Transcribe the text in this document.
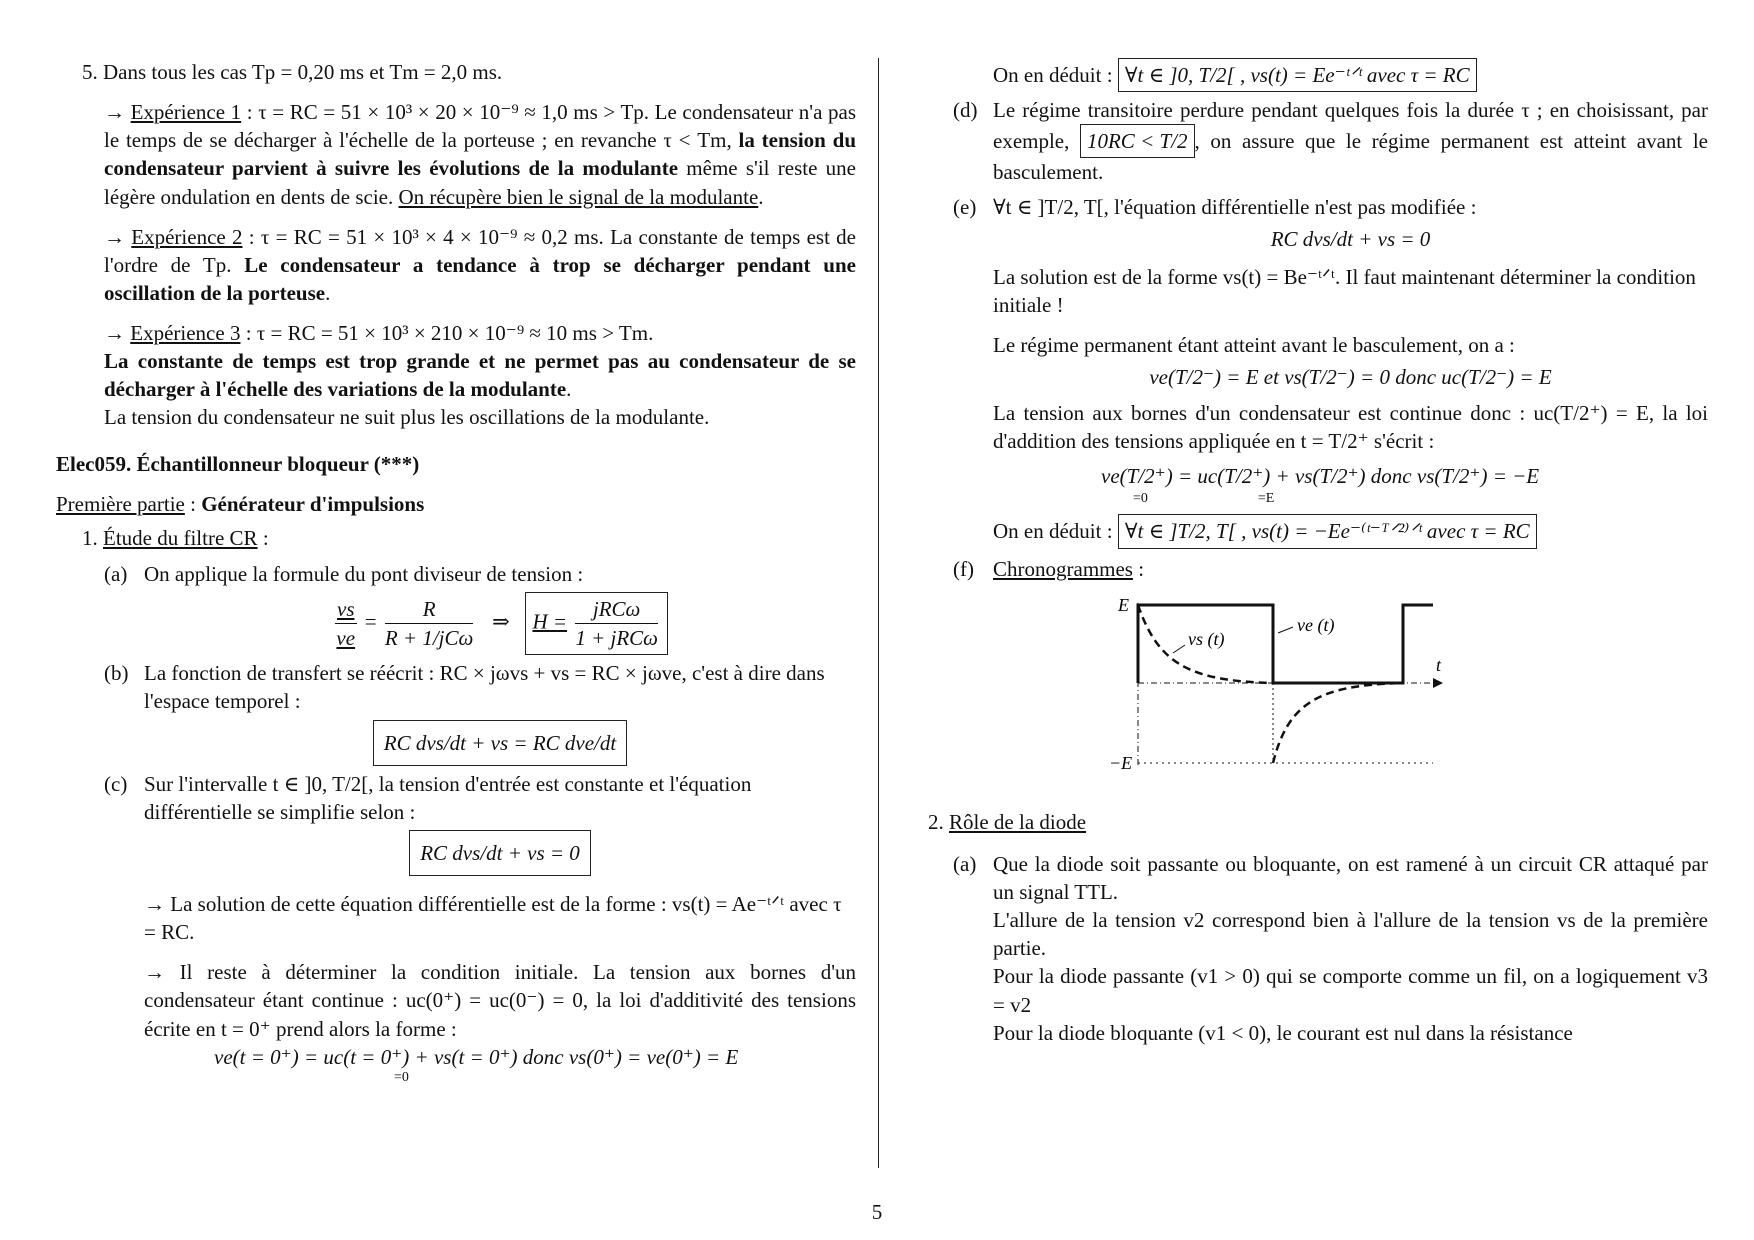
5. Dans tous les cas Tp = 0,20 ms et Tm = 2,0 ms.

→ Expérience 1 : τ = RC = 51 × 10³ × 20 × 10⁻⁹ ≈ 1,0 ms > Tp. Le condensateur n'a pas le temps de se décharger à l'échelle de la porteuse ; en revanche τ < Tm, la tension du condensateur parvient à suivre les évolutions de la modulante même s'il reste une légère ondulation en dents de scie. On récupère bien le signal de la modulante.

→ Expérience 2 : τ = RC = 51 × 10³ × 4 × 10⁻⁹ ≈ 0,2 ms. La constante de temps est de l'ordre de Tp. Le condensateur a tendance à trop se décharger pendant une oscillation de la porteuse.

→ Expérience 3 : τ = RC = 51 × 10³ × 210 × 10⁻⁹ ≈ 10 ms > Tm.
La constante de temps est trop grande et ne permet pas au condensateur de se décharger à l'échelle des variations de la modulante.
La tension du condensateur ne suit plus les oscillations de la modulante.

Elec059. Échantillonneur bloqueur (***)

Première partie : Générateur d'impulsions

1. Étude du filtre CR :

(a) On applique la formule du pont diviseur de tension :

$\frac{vs}{ve} = \frac{R}{\text{R + 1/jCω}}$ ⇒ $H = \frac{\text{jRCω}}{\text{1 + jRCω}}$
(b) La fonction de transfert se réécrit : RC × jωvs + vs = RC × jωve, c'est à dire dans l'espace temporel :

RC dvs/dt + vs = RC dve/dt
(c) Sur l'intervalle t ∈ ]0, T/2[, la tension d'entrée est constante et l'équation différentielle se simplifie selon :

RC dvs/dt + vs = 0

→ La solution de cette équation différentielle est de la forme : vs(t) = Ae⁻ᵗᐟᵗ avec τ = RC.

→ Il reste à déterminer la condition initiale. La tension aux bornes d'un condensateur étant continue : uc(0⁺) = uc(0⁻) = 0, la loi d'additivité des tensions écrite en t = 0⁺ prend alors la forme :

ve(t = 0⁺) = uc(t = 0⁺) + vs(t = 0⁺) donc vs(0⁺) = ve(0⁺) = E

=0

On en déduit : ∀t ∈ ]0, T/2[ , vs(t) = Ee⁻ᵗᐟᵗ avec τ = RC

(d) Le régime transitoire perdure pendant quelques fois la durée τ ; en choisissant, par exemple, 10RC < T/2 , on assure que le régime permanent est atteint avant le basculement.
(e) ∀t ∈ ]T/2, T[, l'équation différentielle n'est pas modifiée :

RC dvs/dt + vs = 0

La solution est de la forme vs(t) = Be⁻ᵗᐟᵗ. Il faut maintenant déterminer la condition initiale !

Le régime permanent étant atteint avant le basculement, on a :

ve(T/2⁻) = E et vs(T/2⁻) = 0 donc uc(T/2⁻) = E

La tension aux bornes d'un condensateur est continue donc : uc(T/2⁺) = E, la loi d'addition des tensions appliquée en t = T/2⁺ s'écrit :

ve(T/2⁺) = uc(T/2⁺) + vs(T/2⁺) donc vs(T/2⁺) = −E

=0	=E

On en déduit : ∀t ∈ ]T/2, T[ , vs(t) = −Ee⁻⁽ᵗ⁻ᵀᐟ²⁾ᐟᵗ avec τ = RC

(f) Chronogrammes :

E
−E
ve (t)
vs (t)
t

2. Rôle de la diode

(a) Que la diode soit passante ou bloquante, on est ramené à un circuit CR attaqué par un signal TTL.

L'allure de la tension v2 correspond bien à l'allure de la tension vs de la première partie.

Pour la diode passante (v1 > 0) qui se comporte comme un fil, on a logiquement v3 = v2

Pour la diode bloquante (v1 < 0), le courant est nul dans la résistance

5
